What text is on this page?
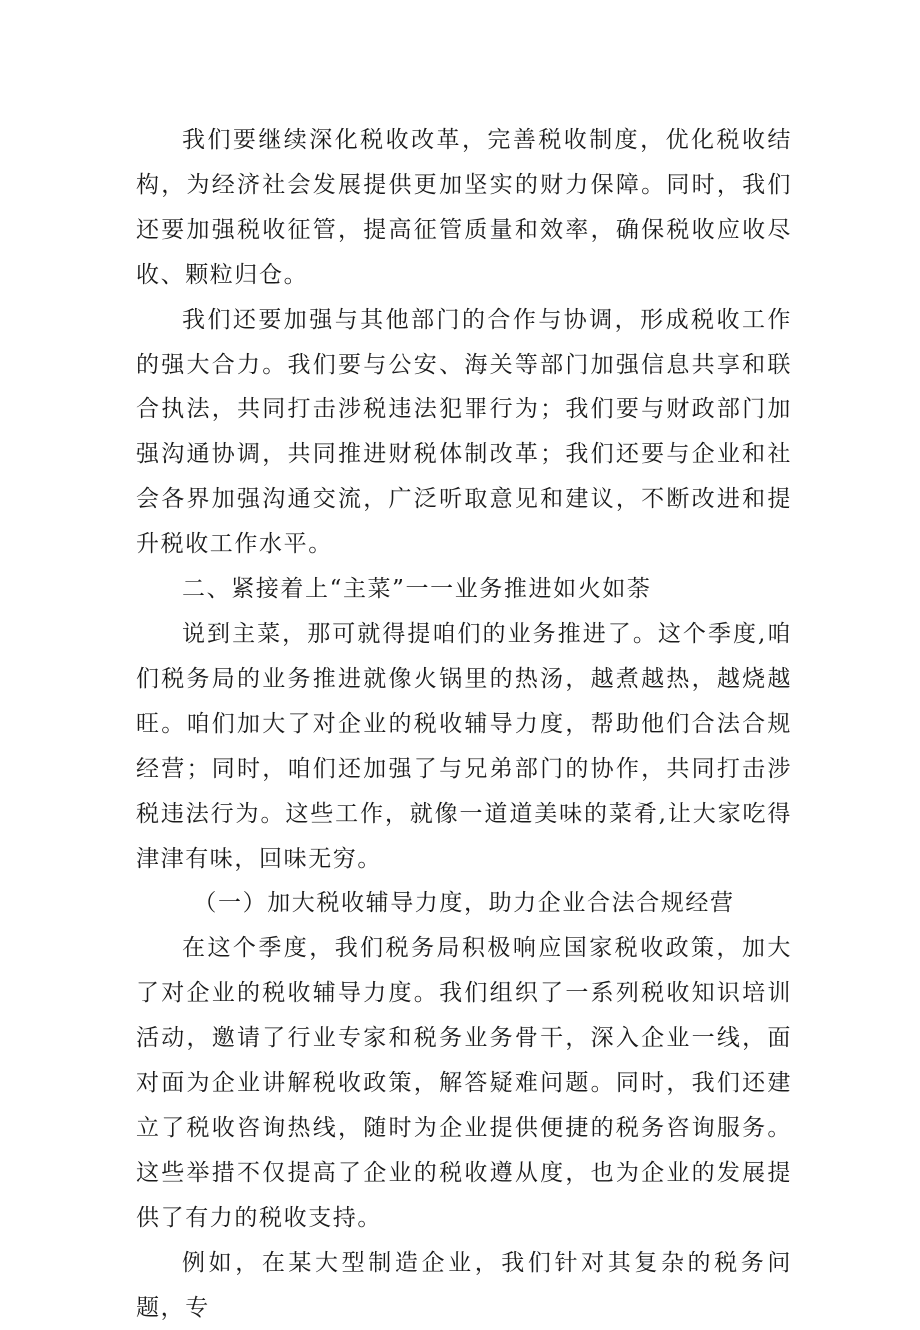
我们要继续深化税收改革，完善税收制度，优化税收结构，为经济社会发展提供更加坚实的财力保障。同时，我们还要加强税收征管，提高征管质量和效率，确保税收应收尽收、颗粒归仓。

我们还要加强与其他部门的合作与协调，形成税收工作的强大合力。我们要与公安、海关等部门加强信息共享和联合执法，共同打击涉税违法犯罪行为；我们要与财政部门加强沟通协调，共同推进财税体制改革；我们还要与企业和社会各界加强沟通交流，广泛听取意见和建议，不断改进和提升税收工作水平。

二、紧接着上“主菜”一一业务推进如火如荼

说到主菜，那可就得提咱们的业务推进了。这个季度,咱们税务局的业务推进就像火锅里的热汤，越煮越热，越烧越旺。咱们加大了对企业的税收辅导力度，帮助他们合法合规经营；同时，咱们还加强了与兄弟部门的协作，共同打击涉税违法行为。这些工作，就像一道道美味的菜肴,让大家吃得津津有味，回味无穷。

（一）加大税收辅导力度，助力企业合法合规经营

在这个季度，我们税务局积极响应国家税收政策，加大了对企业的税收辅导力度。我们组织了一系列税收知识培训活动，邀请了行业专家和税务业务骨干，深入企业一线，面对面为企业讲解税收政策，解答疑难问题。同时，我们还建立了税收咨询热线，随时为企业提供便捷的税务咨询服务。这些举措不仅提高了企业的税收遵从度，也为企业的发展提供了有力的税收支持。

例如，在某大型制造企业，我们针对其复杂的税务问题，专
